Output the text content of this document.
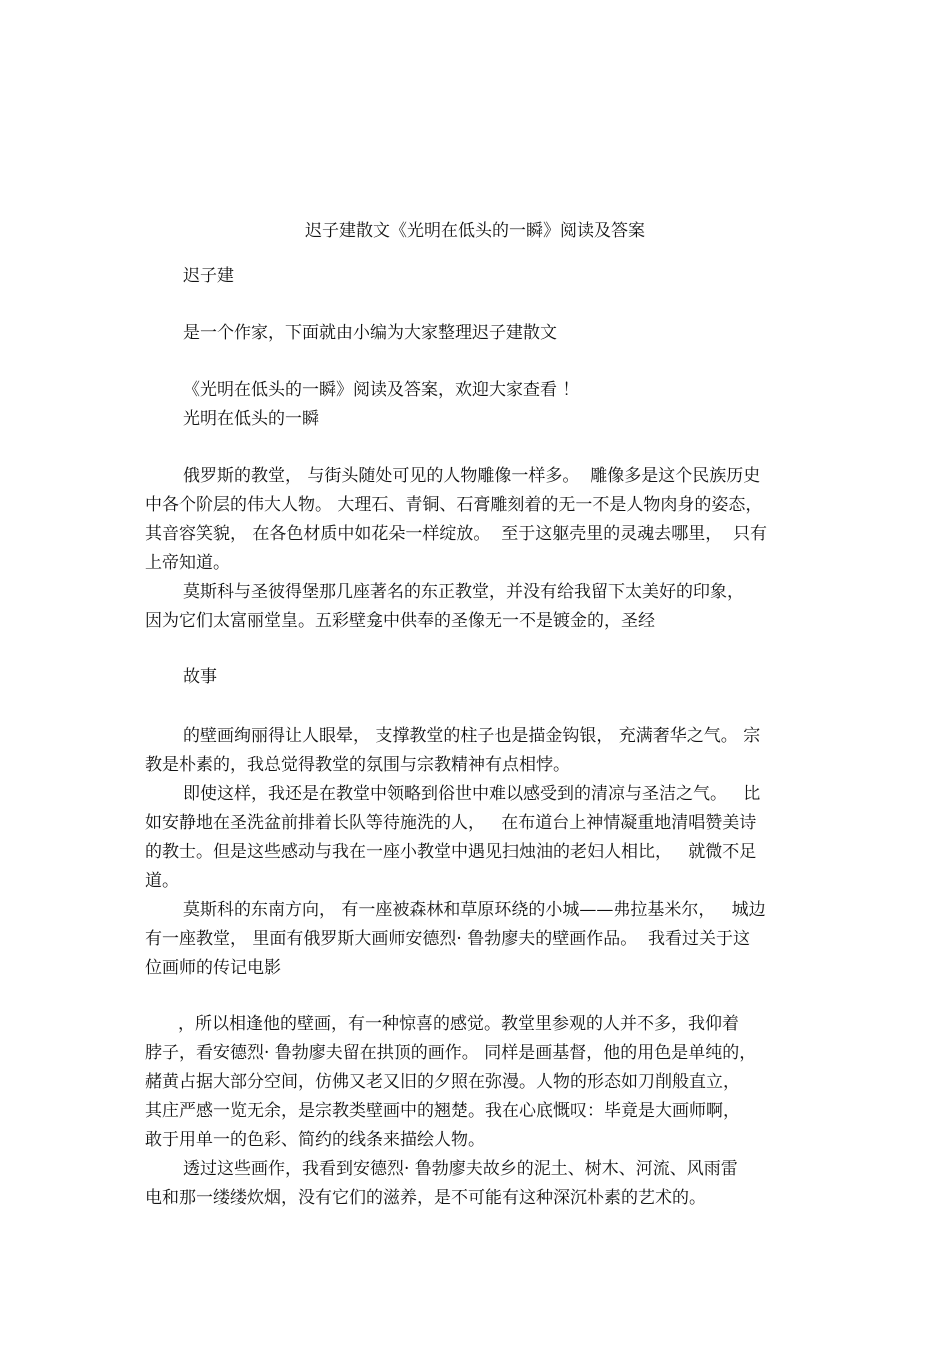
迟子建散文《光明在低头的一瞬》阅读及答案
迟子建
是一个作家，下面就由小编为大家整理迟子建散文
《光明在低头的一瞬》阅读及答案，欢迎大家查看 ！
光明在低头的一瞬
俄罗斯的教堂， 与街头随处可见的人物雕像一样多。  雕像多是这个民族历史
中各个阶层的伟大人物。 大理石、青铜、石膏雕刻着的无一不是人物肉身的姿态，
其音容笑貌， 在各色材质中如花朵一样绽放。  至于这躯壳里的灵魂去哪里，  只有
上帝知道。
莫斯科与圣彼得堡那几座著名的东正教堂，并没有给我留下太美好的印象，
因为它们太富丽堂皇。五彩壁龛中供奉的圣像无一不是镀金的，圣经
故事
的壁画绚丽得让人眼晕， 支撑教堂的柱子也是描金钩银， 充满奢华之气。 宗
教是朴素的，我总觉得教堂的氛围与宗教精神有点相悖。
即使这样，我还是在教堂中领略到俗世中难以感受到的清凉与圣洁之气。   比
如安静地在圣洗盆前排着长队等待施洗的人，   在布道台上神情凝重地清唱赞美诗
的教士。但是这些感动与我在一座小教堂中遇见扫烛油的老妇人相比，   就微不足
道。
莫斯科的东南方向， 有一座被森林和草原环绕的小城——弗拉基米尔，   城边
有一座教堂， 里面有俄罗斯大画师安德烈· 鲁勃廖夫的壁画作品。  我看过关于这
位画师的传记电影
，所以相逢他的壁画，有一种惊喜的感觉。教堂里参观的人并不多，我仰着
脖子，看安德烈· 鲁勃廖夫留在拱顶的画作。 同样是画基督，他的用色是单纯的，
赭黄占据大部分空间，仿佛又老又旧的夕照在弥漫。人物的形态如刀削般直立，
其庄严感一览无余，是宗教类壁画中的翘楚。我在心底慨叹：毕竟是大画师啊，
敢于用单一的色彩、简约的线条来描绘人物。
透过这些画作，我看到安德烈· 鲁勃廖夫故乡的泥土、树木、河流、风雨雷
电和那一缕缕炊烟，没有它们的滋养，是不可能有这种深沉朴素的艺术的。
